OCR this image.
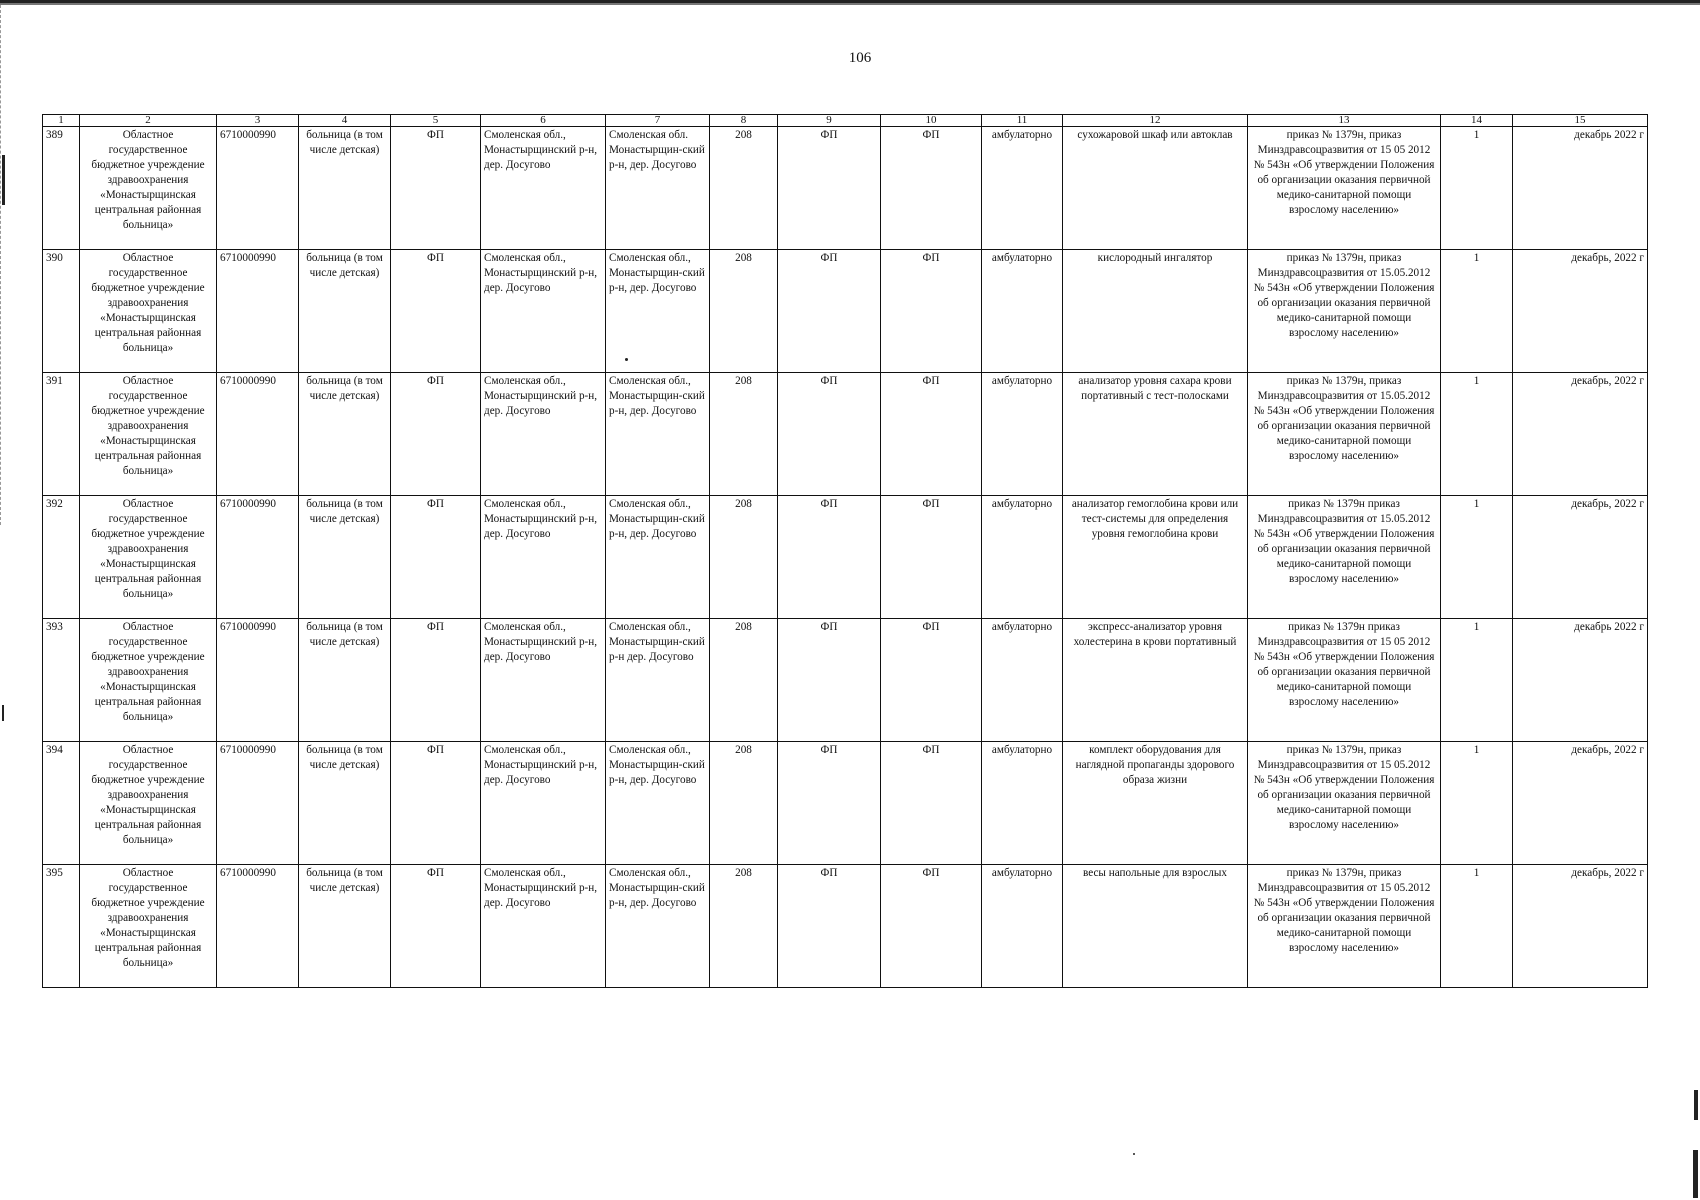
106
1	2	3	4	5	6	7	8	9	10	11	12	13	14	15
389	Областное государственное бюджетное учреждение здравоохранения «Монастырщинская центральная районная больница»	6710000990	больница (в том числе детская)	ФП	Смоленская обл., Монастырщинский р-н, дер. Досугово	Смоленская обл. Монастырщин-ский р-н, дер. Досугово	208	ФП	ФП	амбулаторно	сухожаровой шкаф или автоклав	приказ № 1379н, приказ Минздравсоцразвития от 15 05 2012 № 543н «Об утверждении Положения об организации оказания первичной медико-санитарной помощи взрослому населению»	1	декабрь 2022 г
390	Областное государственное бюджетное учреждение здравоохранения «Монастырщинская центральная районная больница»	6710000990	больница (в том числе детская)	ФП	Смоленская обл., Монастырщинский р-н, дер. Досугово	Смоленская обл., Монастырщин-ский р-н, дер. Досугово	208	ФП	ФП	амбулаторно	кислородный ингалятор	приказ № 1379н, приказ Минздравсоцразвития от 15.05.2012 № 543н «Об утверждении Положения об организации оказания первичной медико-санитарной помощи взрослому населению»	1	декабрь, 2022 г
391	Областное государственное бюджетное учреждение здравоохранения «Монастырщинская центральная районная больница»	6710000990	больница (в том числе детская)	ФП	Смоленская обл., Монастырщинский р-н, дер. Досугово	Смоленская обл., Монастырщин-ский р-н, дер. Досугово	208	ФП	ФП	амбулаторно	анализатор уровня сахара крови портативный с тест-полосками	приказ № 1379н, приказ Минздравсоцразвития от 15.05.2012 № 543н «Об утверждении Положения об организации оказания первичной медико-санитарной помощи взрослому населению»	1	декабрь, 2022 г
392	Областное государственное бюджетное учреждение здравоохранения «Монастырщинская центральная районная больница»	6710000990	больница (в том числе детская)	ФП	Смоленская обл., Монастырщинский р-н, дер. Досугово	Смоленская обл., Монастырщин-ский р-н, дер. Досугово	208	ФП	ФП	амбулаторно	анализатор гемоглобина крови или тест-системы для определения уровня гемоглобина крови	приказ № 1379н приказ Минздравсоцразвития от 15.05.2012 № 543н «Об утверждении Положения об организации оказания первичной медико-санитарной помощи взрослому населению»	1	декабрь, 2022 г
393	Областное государственное бюджетное учреждение здравоохранения «Монастырщинская центральная районная больница»	6710000990	больница (в том числе детская)	ФП	Смоленская обл., Монастырщинский р-н, дер. Досугово	Смоленская обл., Монастырщин-ский р-н дер. Досугово	208	ФП	ФП	амбулаторно	экспресс-анализатор уровня холестерина в крови портативный	приказ № 1379н приказ Минздравсоцразвития от 15 05 2012 № 543н «Об утверждении Положения об организации оказания первичной медико-санитарной помощи взрослому населению»	1	декабрь 2022 г
394	Областное государственное бюджетное учреждение здравоохранения «Монастырщинская центральная районная больница»	6710000990	больница (в том числе детская)	ФП	Смоленская обл., Монастырщинский р-н, дер. Досугово	Смоленская обл., Монастырщин-ский р-н, дер. Досугово	208	ФП	ФП	амбулаторно	комплект оборудования для наглядной пропаганды здорового образа жизни	приказ № 1379н, приказ Минздравсоцразвития от 15 05.2012 № 543н «Об утверждении Положения об организации оказания первичной медико-санитарной помощи взрослому населению»	1	декабрь, 2022 г
395	Областное государственное бюджетное учреждение здравоохранения «Монастырщинская центральная районная больница»	6710000990	больница (в том числе детская)	ФП	Смоленская обл., Монастырщинский р-н, дер. Досугово	Смоленская обл., Монастырщин-ский р-н, дер. Досугово	208	ФП	ФП	амбулаторно	весы напольные для взрослых	приказ № 1379н, приказ Минздравсоцразвития от 15 05.2012 № 543н «Об утверждении Положения об организации оказания первичной медико-санитарной помощи взрослому населению»	1	декабрь, 2022 г
